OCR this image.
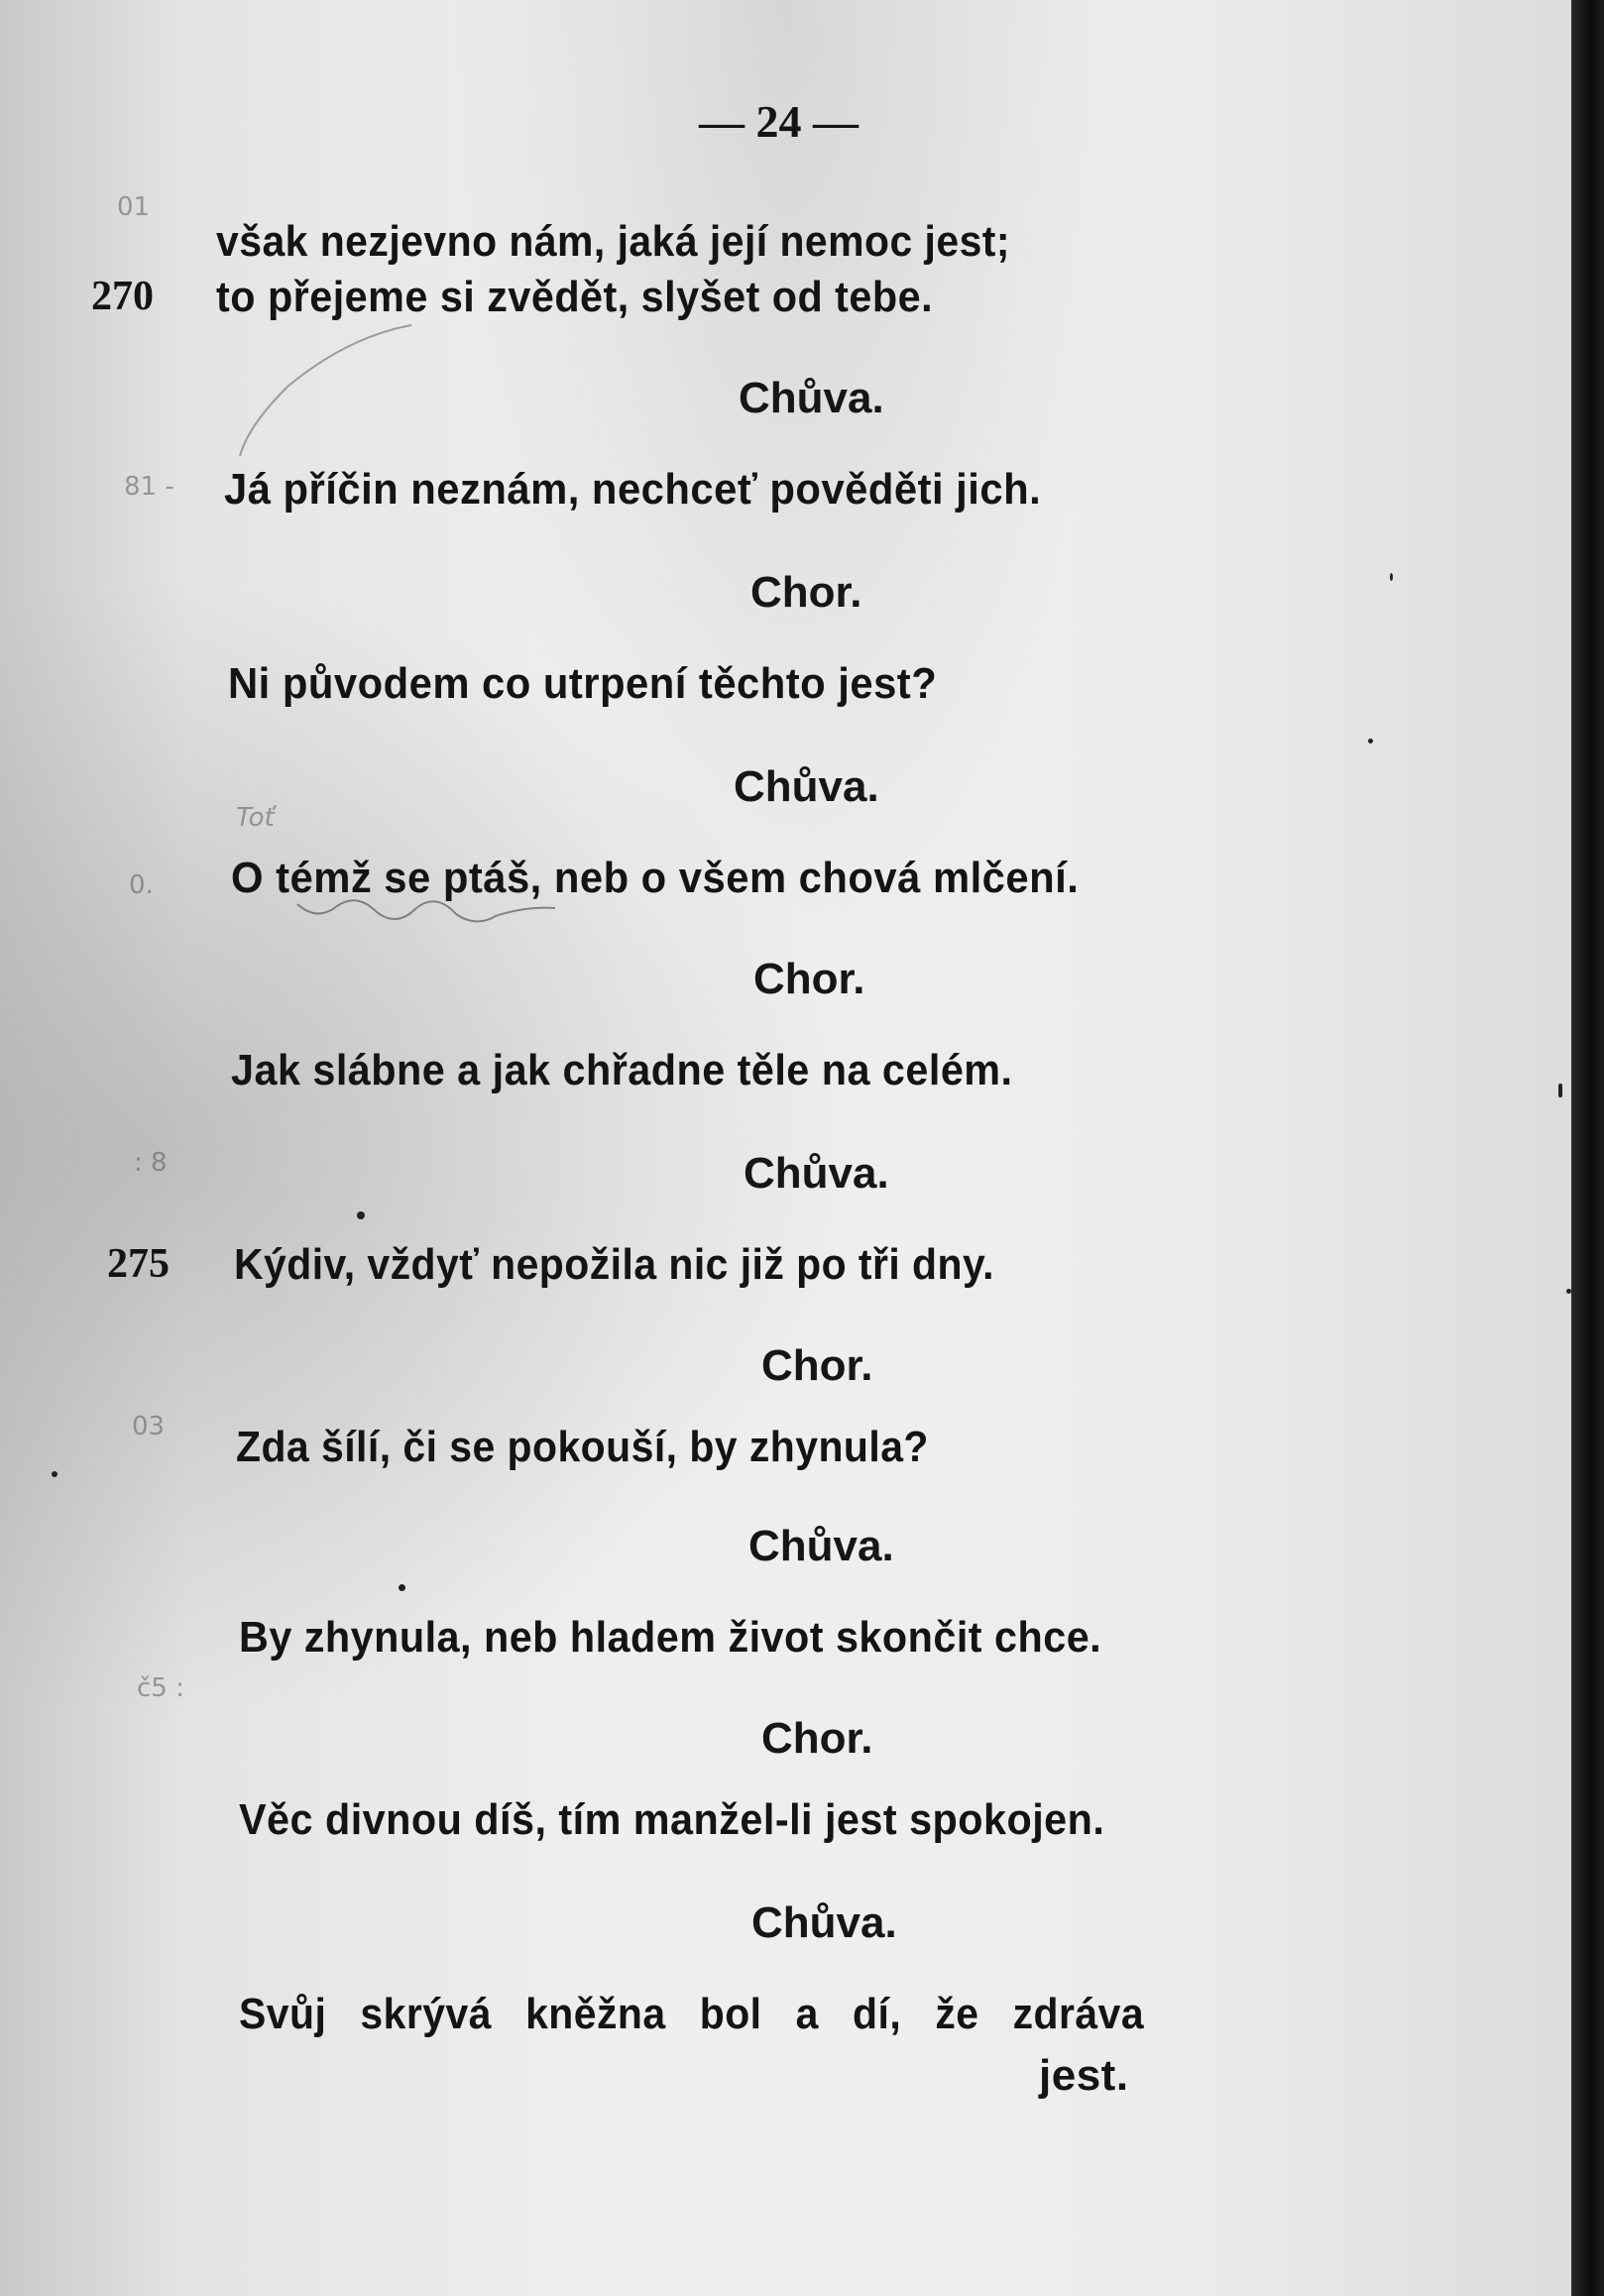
— 24 —
však nezjevno nám, jaká její nemoc jest;
270 to přejeme si zvědět, slyšet od tebe.
Chůva.
Já příčin neznám, nechceť pověděti jich.
Chor.
Ni původem co utrpení těchto jest?
Chůva.
O témž se ptáš, neb o všem chová mlčení.
Chor.
Jak slábne a jak chřadne těle na celém.
Chůva.
275 Kýdiv, vždyť nepožila nic již po tři dny.
Chor.
Zda šílí, či se pokouší, by zhynula?
Chůva.
By zhynula, neb hladem život skončit chce.
Chor.
Věc divnou díš, tím manžel-li jest spokojen.
Chůva.
Svůj skrývá kněžna bol a dí, že zdráva
jest.
Toť
01
81 -
0.
: 8
03
č5 :
